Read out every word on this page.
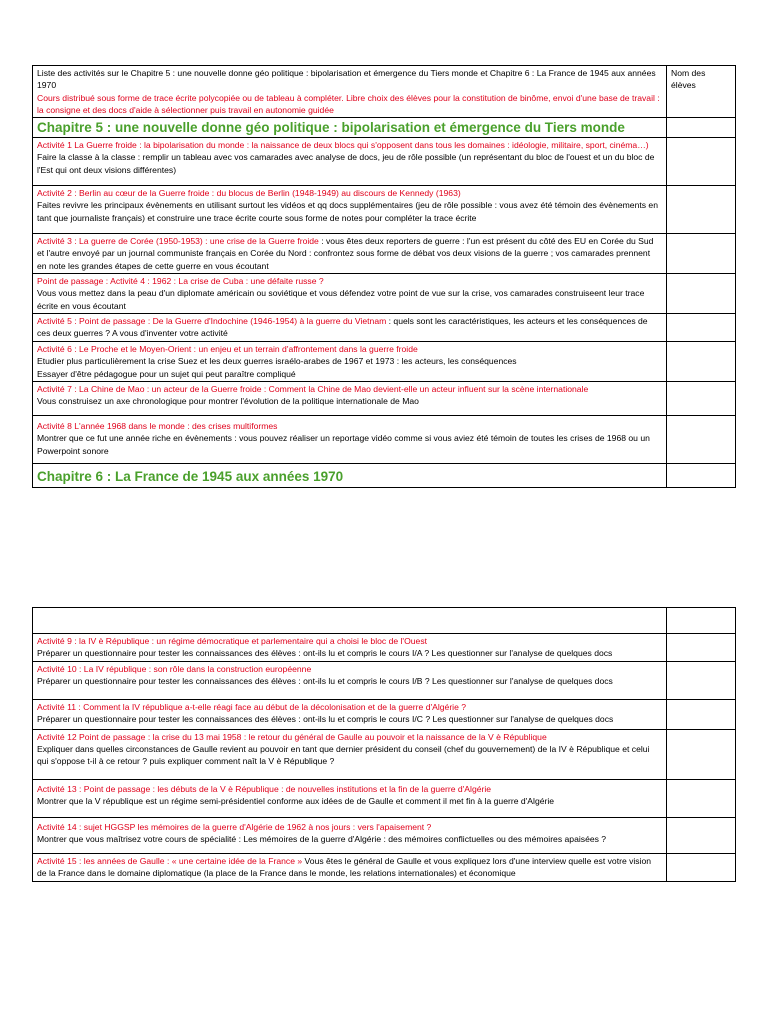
Liste des activités sur le Chapitre 5 : une nouvelle donne géo politique : bipolarisation et émergence du Tiers monde et Chapitre 6 : La France de 1945 aux années 1970
Cours distribué sous forme de trace écrite polycopiée ou de tableau à compléter. Libre choix des élèves pour la constitution de binôme, envoi d'une base de travail : la consigne et des docs d'aide à sélectionner puis travail en autonomie guidée	Nom des élèves
Chapitre 5 : une nouvelle donne géo politique : bipolarisation et émergence du Tiers monde	

Activité 1 La Guerre froide : la bipolarisation du monde : la naissance de deux blocs qui s'opposent dans tous les domaines : idéologie, militaire, sport, cinéma…)
Faire la classe à la classe : remplir un tableau avec vos camarades avec analyse de docs, jeu de rôle possible (un représentant du bloc de l'ouest et un du bloc de l'Est qui ont deux visions différentes)	

Activité 2 : Berlin au cœur de la Guerre froide : du blocus de Berlin (1948-1949) au discours de Kennedy (1963)
Faites revivre les principaux évènements en utilisant surtout les vidéos et qq docs supplémentaires (jeu de rôle possible : vous avez été témoin des évènements en tant que journaliste français) et construire une trace écrite courte sous forme de notes pour compléter la trace écrite	

Activité 3 : La guerre de Corée (1950-1953) : une crise de la Guerre froide : vous êtes deux reporters de guerre : l'un est présent du côté des EU en Corée du Sud et l'autre envoyé par un journal communiste français en Corée du Nord : confrontez sous forme de débat vos deux visions de la guerre ; vos camarades prennent en note les grandes étapes de cette guerre en vous écoutant	

Point de passage : Activité 4 : 1962 : La crise de Cuba : une défaite russe ?
Vous vous mettez dans la peau d'un diplomate américain ou soviétique et vous défendez votre point de vue sur la crise, vos camarades construiseent leur trace écrite en vous écoutant	

Activité 5 : Point de passage : De la Guerre d'Indochine (1946-1954) à la guerre du Vietnam : quels sont les caractéristiques, les acteurs et les conséquences de ces deux guerres ? A vous d'inventer votre activité	

Activité 6 : Le Proche et le Moyen-Orient : un enjeu et un terrain d'affrontement dans la guerre froide
Etudier plus particulièrement la crise Suez et les deux guerres israélo-arabes de 1967 et 1973 : les acteurs, les conséquences
Essayer d'être pédagogue pour un sujet qui peut paraître compliqué	

Activité 7 : La Chine de Mao : un acteur de la Guerre froide : Comment la Chine de Mao devient-elle un acteur influent sur la scène internationale
Vous construisez un axe chronologique pour montrer l'évolution de la politique internationale de Mao	

Activité 8 L'année 1968 dans le monde : des crises multiformes
Montrer que ce fut une année riche en évènements : vous pouvez réaliser un reportage vidéo comme si vous aviez été témoin de toutes les crises de 1968 ou un Powerpoint sonore	

Chapitre 6 : La France de 1945 aux années 1970	

Activité 9 : la IV è République : un régime démocratique et parlementaire qui a choisi le bloc de l'Ouest
Préparer un questionnaire pour tester les connaissances des élèves : ont-ils lu et compris le cours I/A ? Les questionner sur l'analyse de quelques docs	

Activité 10 : La IV république : son rôle dans la construction européenne
Préparer un questionnaire pour tester les connaissances des élèves : ont-ils lu et compris le cours I/B ? Les questionner sur l'analyse de quelques docs	

Activité 11 : Comment la IV république a-t-elle réagi face au début de la décolonisation et de la guerre d'Algérie ?
Préparer un questionnaire pour tester les connaissances des élèves : ont-ils lu et compris le cours I/C ? Les questionner sur l'analyse de quelques docs	

Activité 12 Point de passage : la crise du 13 mai 1958 : le retour du général de Gaulle au pouvoir et la naissance de la V è République
Expliquer dans quelles circonstances de Gaulle revient au pouvoir en tant que dernier président du conseil (chef du gouvernement) de la IV è République et celui qui s'oppose t-il à ce retour ? puis expliquer comment naît la V è République ?	

Activité 13 : Point de passage : les débuts de la V è République : de nouvelles institutions et la fin de la guerre d'Algérie
Montrer que la V république est un régime semi-présidentiel conforme aux idées de de Gaulle et comment il met fin à la guerre d'Algérie	

Activité 14 : sujet HGGSP les mémoires de la guerre d'Algérie de 1962 à nos jours : vers l'apaisement ?
Montrer que vous maîtrisez votre cours de spécialité : Les mémoires de la guerre d'Algérie : des mémoires conflictuelles ou des mémoires apaisées ?	

Activité 15 : les années de Gaulle : « une certaine idée de la France » Vous êtes le général de Gaulle et vous expliquez lors d'une interview quelle est votre vision de la France dans le domaine diplomatique (la place de la France dans le monde, les relations internationales) et économique	
